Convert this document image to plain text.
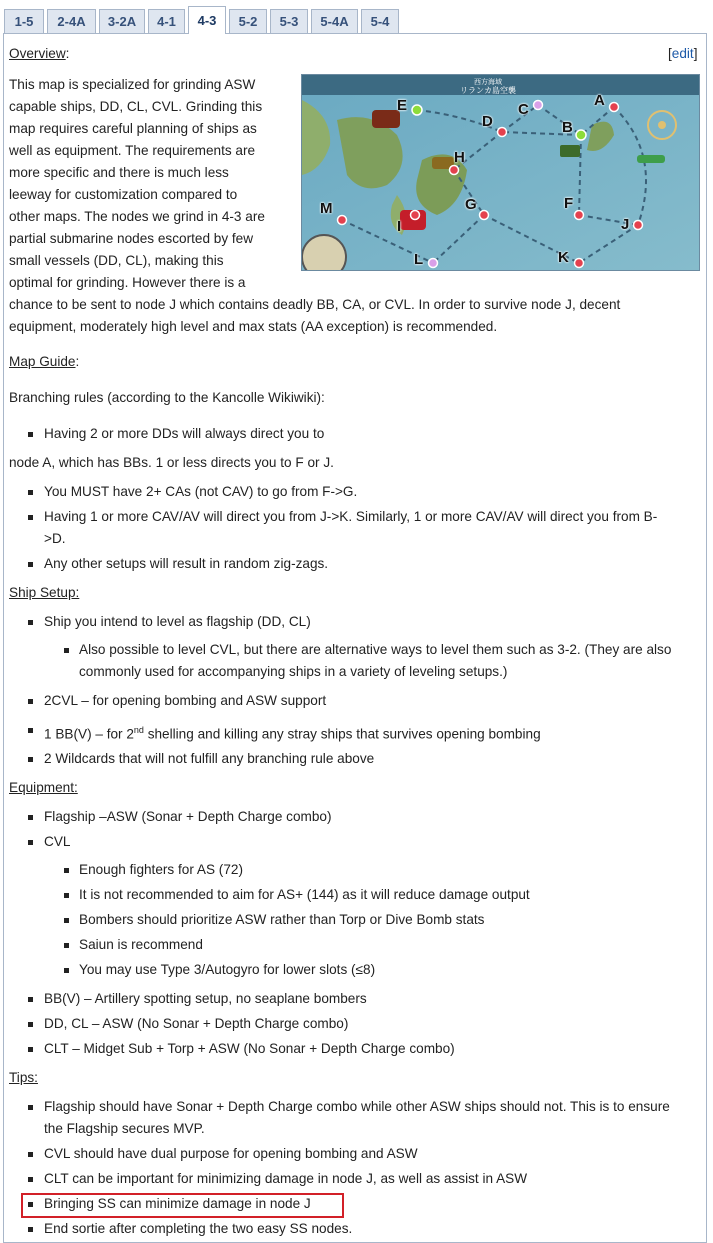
1-5	2-4A	3-2A	4-1	4-3	5-2	5-3	5-4A	5-4
Overview:	[edit]
This map is specialized for grinding ASW
capable ships, DD, CL, CVL. Grinding this
map requires careful planning of ships as
well as equipment. The requirements are
more specific and there is much less
leeway for customization compared to
other maps. The nodes we grind in 4-3 are
partial submarine nodes escorted by few
small vessels (DD, CL), making this
optimal for grinding. However there is a
chance to be sent to node J which contains deadly BB, CA, or CVL. In order to survive node J, decent
equipment, moderately high level and max stats (AA exception) is recommended.
西方海域
リランカ島空襲
A
B
C
D
E
F
H
I	J
K
L
M	G
Map Guide:
Branching rules (according to the Kancolle Wikiwiki):
Having 2 or more DDs will always direct you to
node A, which has BBs. 1 or less directs you to F or J.
You MUST have 2+ CAs (not CAV) to go from F->G.
Having 1 or more CAV/AV will direct you from J->K. Similarly, 1 or more CAV/AV will direct you from B-
>D.
Any other setups will result in random zig-zags.
Ship Setup:
Ship you intend to level as flagship (DD, CL)
Also possible to level CVL, but there are alternative ways to level them such as 3-2. (They are also
commonly used for accompanying ships in a variety of leveling setups.)
2CVL – for opening bombing and ASW support
1 BB(V) – for 2nd shelling and killing any stray ships that survives opening bombing
2 Wildcards that will not fulfill any branching rule above
Equipment:
Flagship –ASW (Sonar + Depth Charge combo)
CVL
Enough fighters for AS (72)
It is not recommended to aim for AS+ (144) as it will reduce damage output
Bombers should prioritize ASW rather than Torp or Dive Bomb stats
Saiun is recommend
You may use Type 3/Autogyro for lower slots (≤8)
BB(V) – Artillery spotting setup, no seaplane bombers
DD, CL – ASW (No Sonar + Depth Charge combo)
CLT – Midget Sub + Torp + ASW (No Sonar + Depth Charge combo)
Tips:
Flagship should have Sonar + Depth Charge combo while other ASW ships should not. This is to ensure
the Flagship secures MVP.
CVL should have dual purpose for opening bombing and ASW
CLT can be important for minimizing damage in node J, as well as assist in ASW
Bringing SS can minimize damage in node J
End sortie after completing the two easy SS nodes.
